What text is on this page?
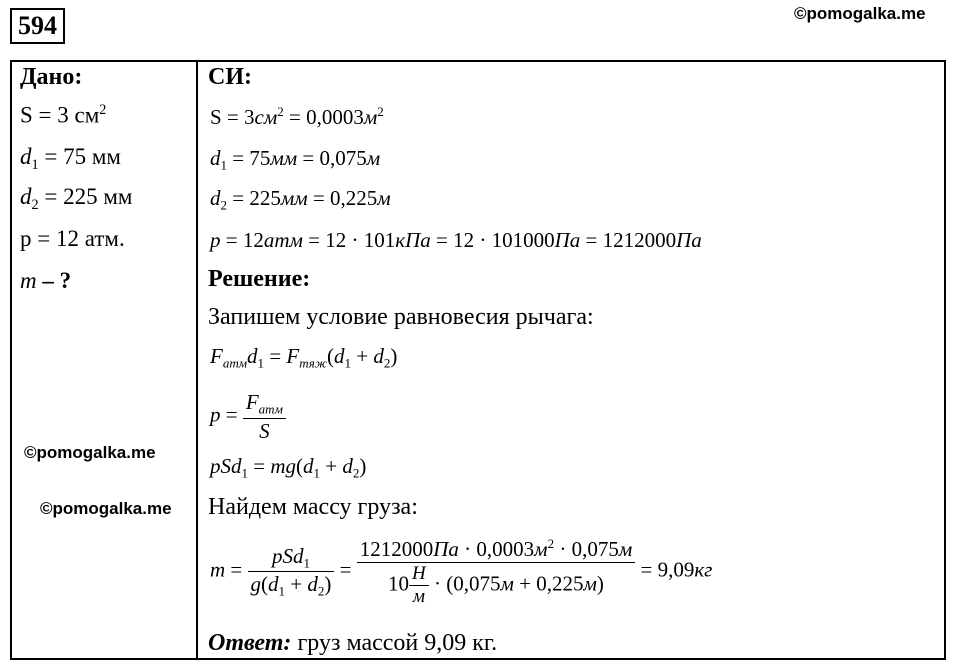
594	©pomogalka.me
Дано:
S = 3 $см^2$
$d_1 = 75$ мм
$d_2 = 225$ мм
p = 12 атм.
m – ?
©pomogalka.me
©pomogalka.me
СИ:
$S = 3см^2 = 0,0003м^2$
$d_1 = 75мм = 0,075м$
$d_2 = 225мм = 0,225м$
p = 12атм = 12 · 101кПа = 12 · 101000Па = 1212000Па
Решение:
Запишем условие равновесия рычага:
$F_{атм}d_1 = F_{тяж}(d_1 + d_2)$
$p = \frac{F_{атм}}{S}$
$pSd_1 = mg(d_1 + d_2)$
Найдем массу груза:
$m = \frac{pSd_1}{g(d_1 + d_2)} = \frac{1212000Па \cdot 0,0003м^2 \cdot 0,075м}{10 \frac{Н}{м} \cdot (0,075м + 0,225м)} = 9,09кг$
Ответ: груз массой 9,09 кг.
